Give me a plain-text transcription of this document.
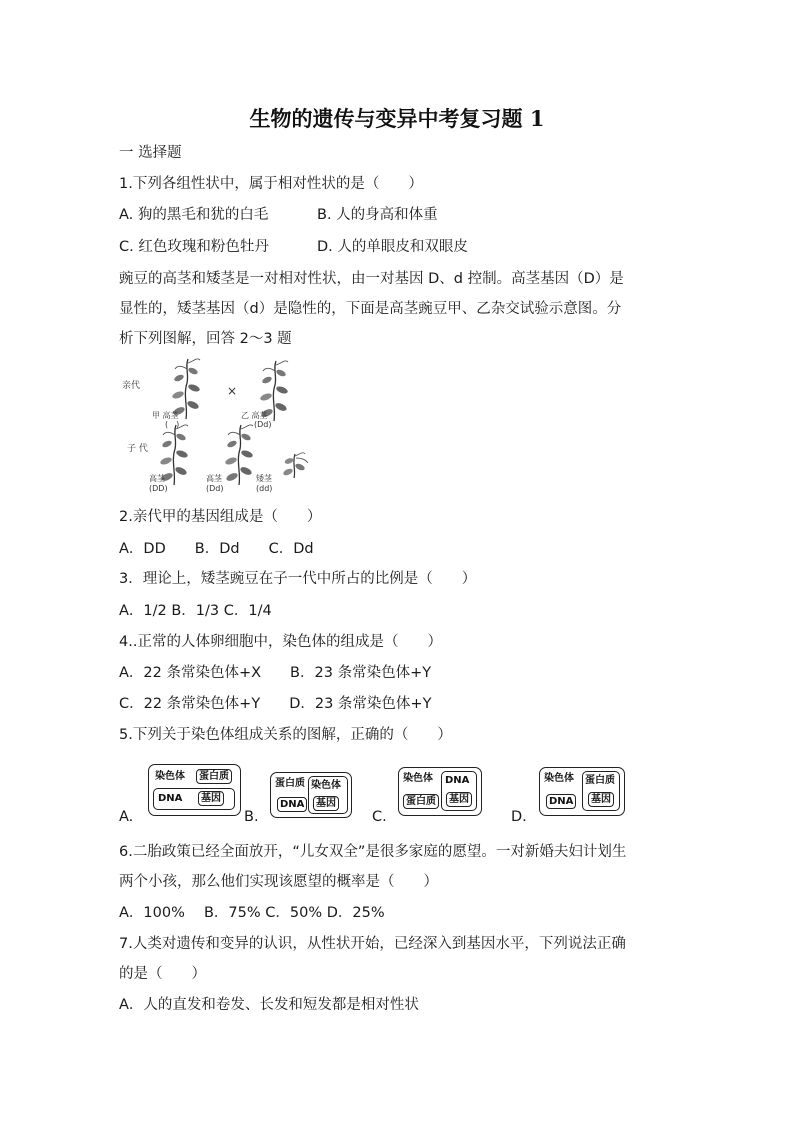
生物的遗传与变异中考复习题 1
一 选择题
1.下列各组性状中，属于相对性状的是（　　）
A. 狗的黑毛和犹的白毛	B. 人的身高和体重
C. 红色玫瑰和粉色牡丹	D. 人的单眼皮和双眼皮
豌豆的高茎和矮茎是一对相对性状，由一对基因 D、d 控制。高茎基因（D）是
显性的，矮茎基因（d）是隐性的，下面是高茎豌豆甲、乙杂交试验示意图。分
析下列图解，回答 2～3 题
亲代	×
甲 高茎
(　)
乙 高茎
(Dd)
子 代
高茎
(DD)
高茎
(Dd)
矮茎
(dd)
2.亲代甲的基因组成是（　　）
A．DD　　B．Dd　　C．Dd
3．理论上，矮茎豌豆在子一代中所占的比例是（　　）
A．1/2 B．1/3 C．1/4
4..正常的人体卵细胞中，染色体的组成是（　　）
A．22 条常染色体+X　　B．23 条常染色体+Y
C．22 条常染色体+Y　　D．23 条常染色体+Y
5.下列关于染色体组成关系的图解，正确的（　　）
A.	B.	C.	D.
染色体	蛋白质
DNA	基因
蛋白质
DNA
染色体
基因
染色体
蛋白质
DNA
基因
染色体
DNA
蛋白质
基因
6.二胎政策已经全面放开，“儿女双全”是很多家庭的愿望。一对新婚夫妇计划生
两个小孩，那么他们实现该愿望的概率是（　　）
A．100%　 B．75% C．50% D．25%
7.人类对遗传和变异的认识，从性状开始，已经深入到基因水平，下列说法正确
的是（　　）
A．人的直发和卷发、长发和短发都是相对性状
